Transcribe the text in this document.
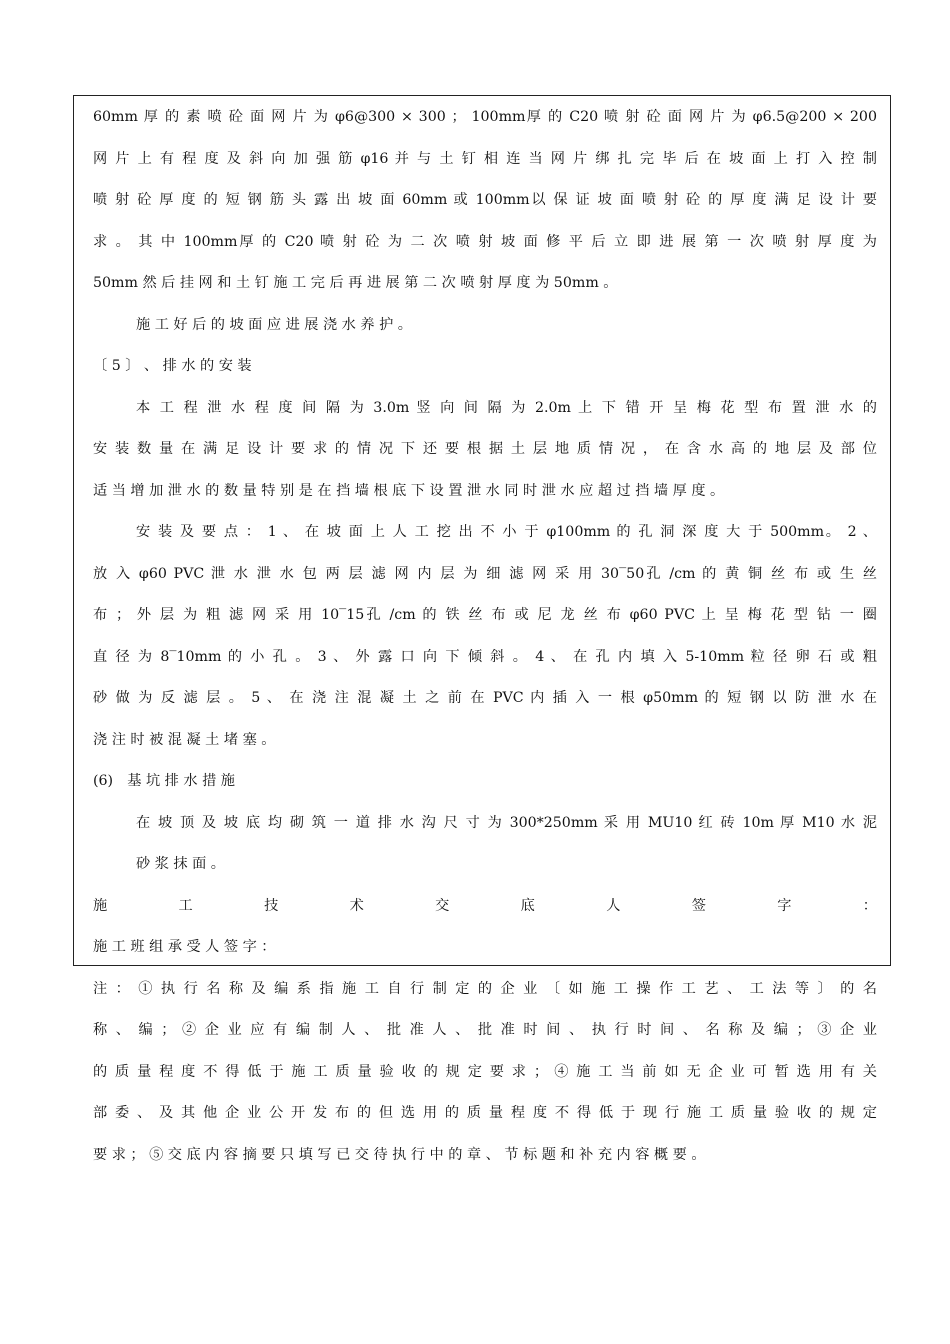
60mm 厚 的 素 喷 砼 面 网 片 为 φ6@300 × 300 ； 100mm厚 的 C20 喷 射 砼 面 网 片 为 φ6.5@200 × 200
网 片 上 有 程 度 及 斜 向 加 强 筋 φ16 并 与 土 钉 相 连 当 网 片 绑 扎 完 毕 后 在 坡 面 上 打 入 控 制
喷 射 砼 厚 度 的 短 钢 筋 头 露 出 坡 面 60mm 或 100mm以 保 证 坡 面 喷 射 砼 的 厚 度 满 足 设 计 要
求 。 其 中 100mm厚 的 C20 喷 射 砼 为 二 次 喷 射 坡 面 修 平 后 立 即 进 展 第 一 次 喷 射 厚 度 为
50mm 然 后 挂 网 和 土 钉 施 工 完 后 再 进 展 第 二 次 喷 射 厚 度 为 50mm 。
施 工 好 后 的 坡 面 应 进 展 浇 水 养 护 。
〔 5 〕 、 排 水 的 安 装
本 工 程 泄 水 程 度 间 隔 为 3.0m 竖 向 间 隔 为 2.0m 上 下 错 开 呈 梅 花 型 布 置 泄 水 的
安 装 数 量 在 满 足 设 计 要 求 的 情 况 下 还 要 根 据 土 层 地 质 情 况 ， 在 含 水 高 的 地 层 及 部 位
适 当 增 加 泄 水 的 数 量 特 别 是 在 挡 墙 根 底 下 设 置 泄 水 同 时 泄 水 应 超 过 挡 墙 厚 度 。
安 装 及 要 点 ： 1 、 在 坡 面 上 人 工 挖 出 不 小 于 φ100mm 的 孔 洞 深 度 大 于 500mm。 2 、
放 入 φ60 PVC 泄 水 泄 水 包 两 层 滤 网 内 层 为 细 滤 网 采 用 30‾50孔 /cm 的 黄 铜 丝 布 或 生 丝
布 ； 外 层 为 粗 滤 网 采 用 10‾15孔 /cm 的 铁 丝 布 或 尼 龙 丝 布 φ60 PVC 上 呈 梅 花 型 钻 一 圈
直 径 为 8‾10mm 的 小 孔 。 3 、 外 露 口 向 下 倾 斜 。 4 、 在 孔 内 填 入 5-10mm 粒 径 卵 石 或 粗
砂 做 为 反 滤 层 。 5 、 在 浇 注 混 凝 土 之 前 在 PVC 内 插 入 一 根 φ50mm 的 短 钢 以 防 泄 水 在
浇 注 时 被 混 凝 土 堵 塞 。
(6)　基 坑 排 水 措 施
在 坡 顶 及 坡 底 均 砌 筑 一 道 排 水 沟 尺 寸 为 300*250mm 采 用 MU10 红 砖 10m 厚 M10 水 泥
砂 浆 抹 面 。
施 工 技 术 交 底 人 签 字 ：
施 工 班 组 承 受 人 签 字 ：
注 ： ① 执 行 名 称 及 编 系 指 施 工 自 行 制 定 的 企 业 〔 如 施 工 操 作 工 艺 、 工 法 等 〕 的 名
称 、 编 ； ② 企 业 应 有 编 制 人 、 批 准 人 、 批 准 时 间 、 执 行 时 间 、 名 称 及 编 ； ③ 企 业
的 质 量 程 度 不 得 低 于 施 工 质 量 验 收 的 规 定 要 求 ； ④ 施 工 当 前 如 无 企 业 可 暂 选 用 有 关
部 委 、 及 其 他 企 业 公 开 发 布 的 但 选 用 的 质 量 程 度 不 得 低 于 现 行 施 工 质 量 验 收 的 规 定
要 求 ； ⑤ 交 底 内 容 摘 要 只 填 写 已 交 待 执 行 中 的 章 、 节 标 题 和 补 充 内 容 概 要 。
